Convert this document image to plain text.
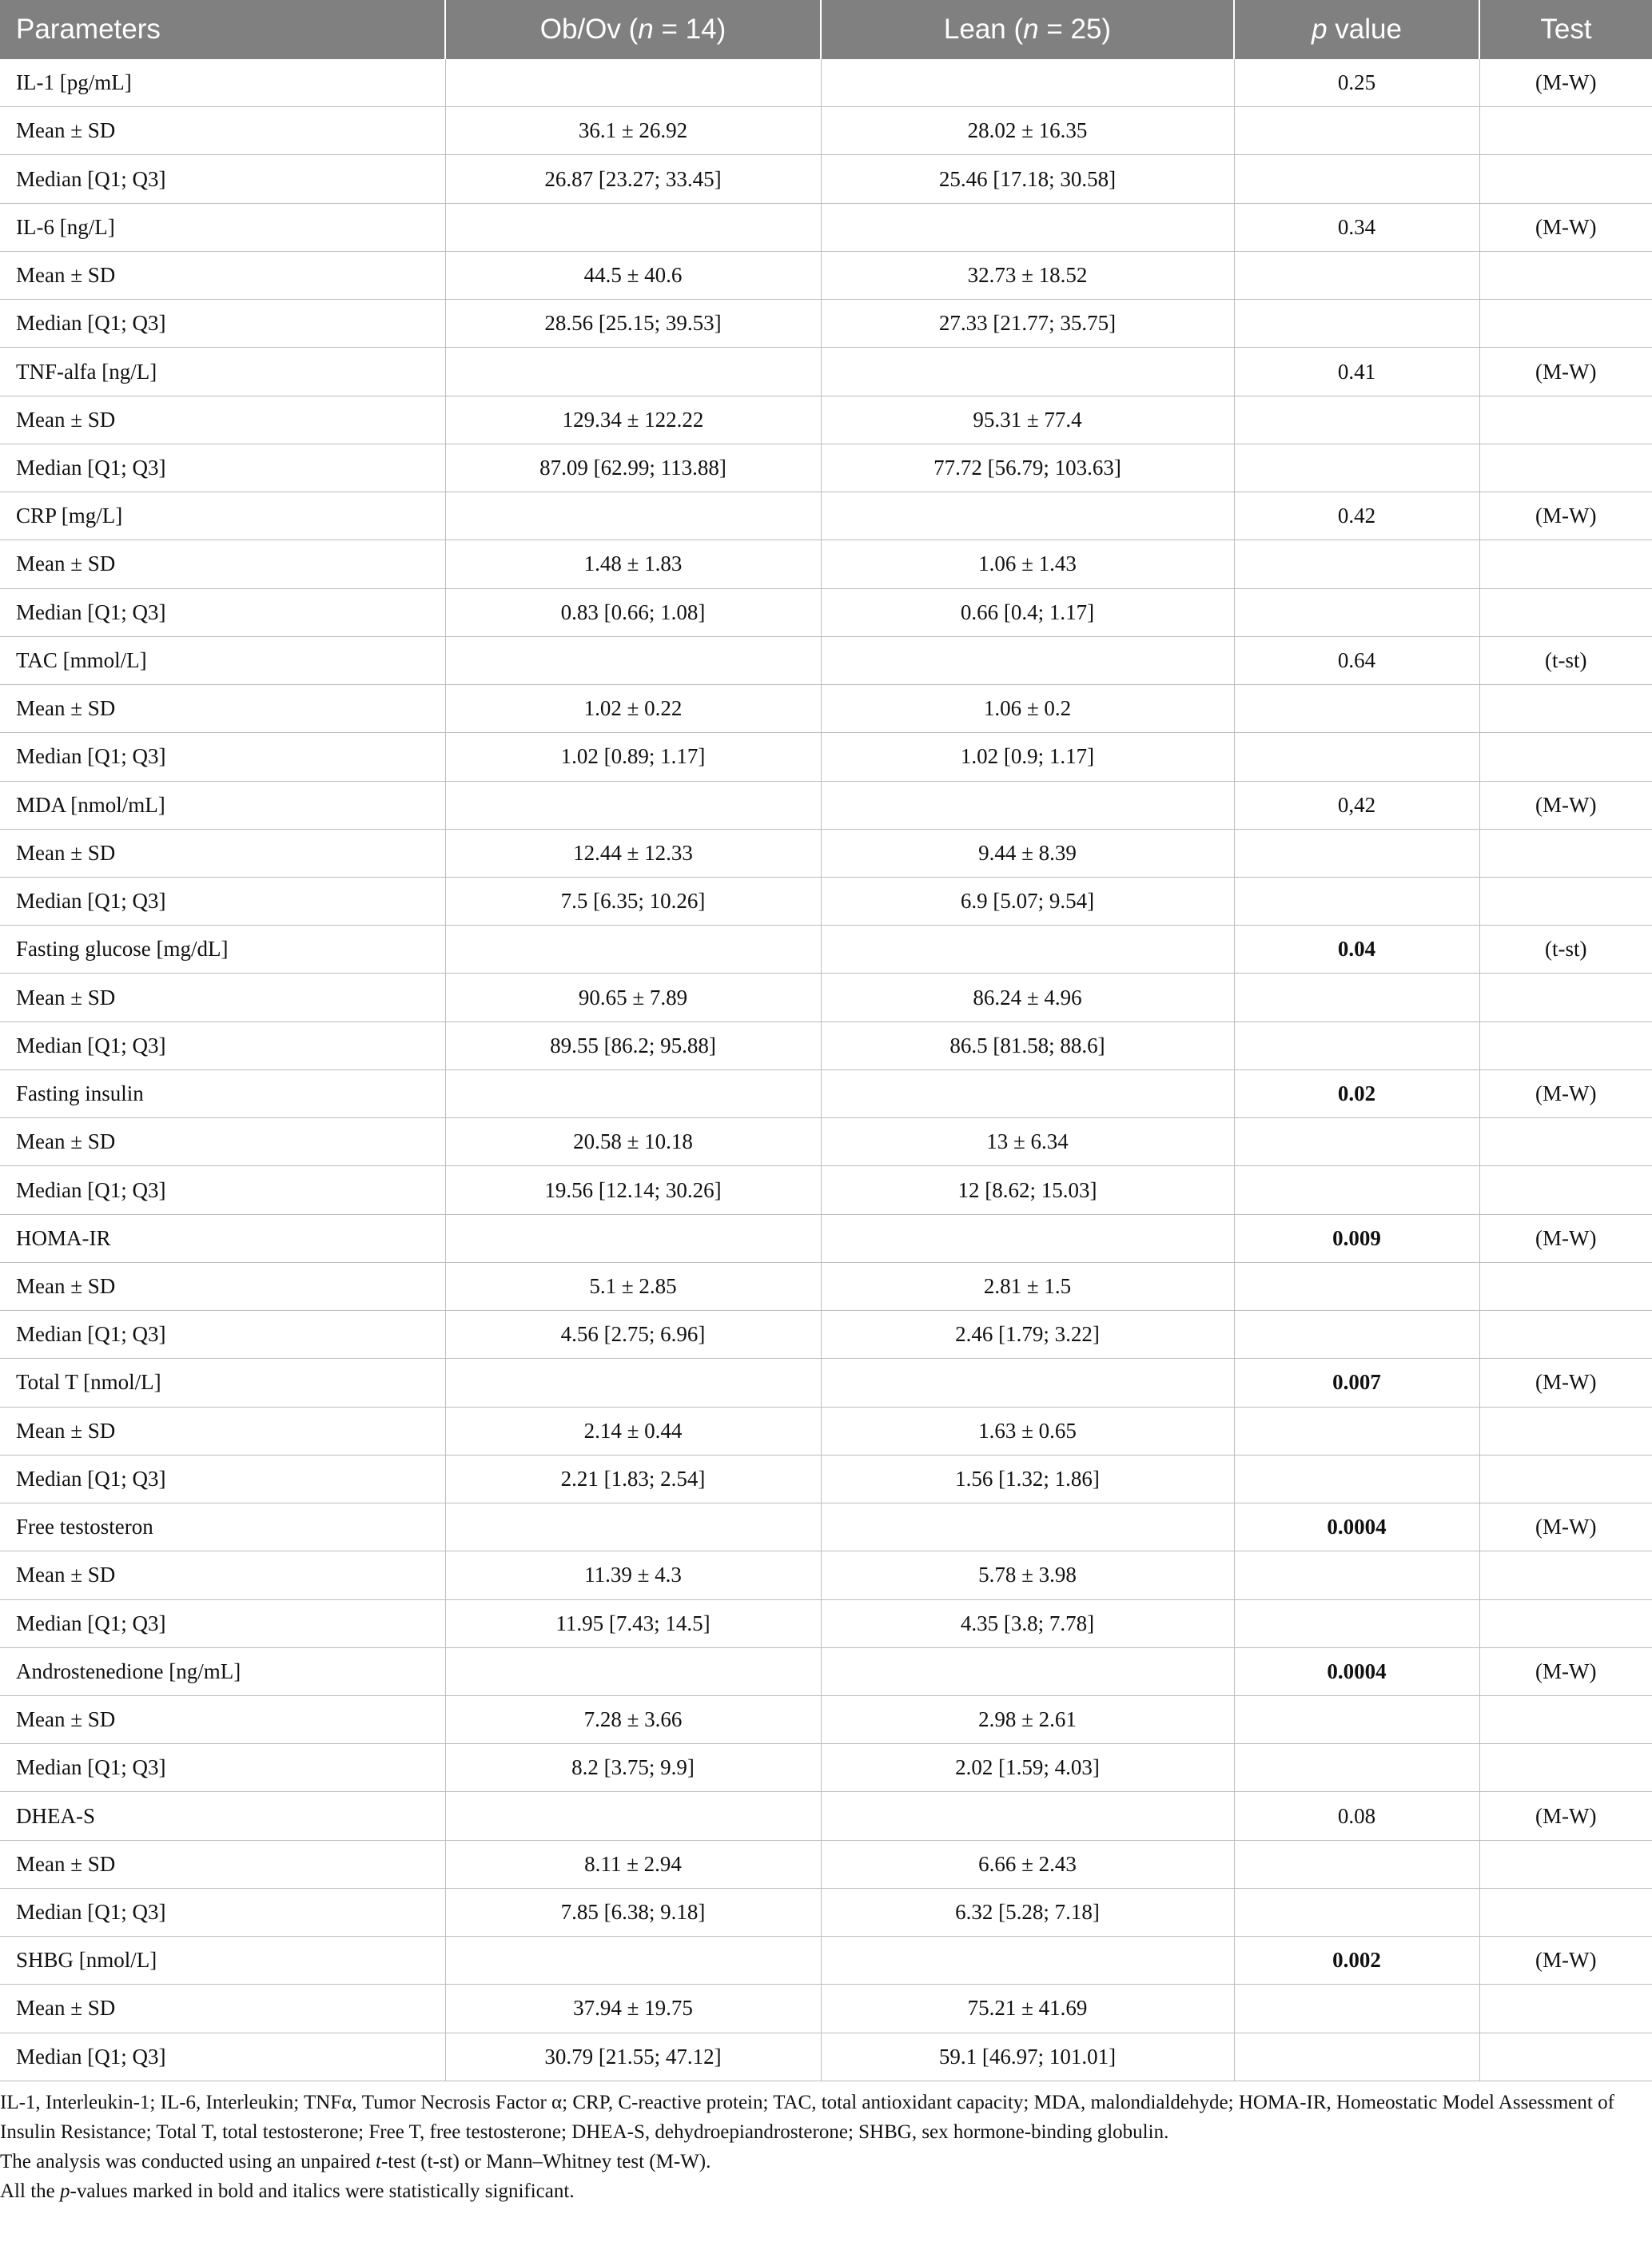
Parameters	Ob/Ov (n = 14)	Lean (n = 25)	p value	Test
IL-1 [pg/mL]			0.25	(M-W)
Mean ± SD	36.1 ± 26.92	28.02 ± 16.35		
Median [Q1; Q3]	26.87 [23.27; 33.45]	25.46 [17.18; 30.58]		
IL-6 [ng/L]			0.34	(M-W)
Mean ± SD	44.5 ± 40.6	32.73 ± 18.52		
Median [Q1; Q3]	28.56 [25.15; 39.53]	27.33 [21.77; 35.75]		
TNF-alfa [ng/L]			0.41	(M-W)
Mean ± SD	129.34 ± 122.22	95.31 ± 77.4		
Median [Q1; Q3]	87.09 [62.99; 113.88]	77.72 [56.79; 103.63]		
CRP [mg/L]			0.42	(M-W)
Mean ± SD	1.48 ± 1.83	1.06 ± 1.43		
Median [Q1; Q3]	0.83 [0.66; 1.08]	0.66 [0.4; 1.17]		
TAC [mmol/L]			0.64	(t-st)
Mean ± SD	1.02 ± 0.22	1.06 ± 0.2		
Median [Q1; Q3]	1.02 [0.89; 1.17]	1.02 [0.9; 1.17]		
MDA [nmol/mL]			0,42	(M-W)
Mean ± SD	12.44 ± 12.33	9.44 ± 8.39		
Median [Q1; Q3]	7.5 [6.35; 10.26]	6.9 [5.07; 9.54]		
Fasting glucose [mg/dL]			0.04	(t-st)
Mean ± SD	90.65 ± 7.89	86.24 ± 4.96		
Median [Q1; Q3]	89.55 [86.2; 95.88]	86.5 [81.58; 88.6]		
Fasting insulin			0.02	(M-W)
Mean ± SD	20.58 ± 10.18	13 ± 6.34		
Median [Q1; Q3]	19.56 [12.14; 30.26]	12 [8.62; 15.03]		
HOMA-IR			0.009	(M-W)
Mean ± SD	5.1 ± 2.85	2.81 ± 1.5		
Median [Q1; Q3]	4.56 [2.75; 6.96]	2.46 [1.79; 3.22]		
Total T [nmol/L]			0.007	(M-W)
Mean ± SD	2.14 ± 0.44	1.63 ± 0.65		
Median [Q1; Q3]	2.21 [1.83; 2.54]	1.56 [1.32; 1.86]		
Free testosteron			0.0004	(M-W)
Mean ± SD	11.39 ± 4.3	5.78 ± 3.98		
Median [Q1; Q3]	11.95 [7.43; 14.5]	4.35 [3.8; 7.78]		
Androstenedione [ng/mL]			0.0004	(M-W)
Mean ± SD	7.28 ± 3.66	2.98 ± 2.61		
Median [Q1; Q3]	8.2 [3.75; 9.9]	2.02 [1.59; 4.03]		
DHEA-S			0.08	(M-W)
Mean ± SD	8.11 ± 2.94	6.66 ± 2.43		
Median [Q1; Q3]	7.85 [6.38; 9.18]	6.32 [5.28; 7.18]		
SHBG [nmol/L]			0.002	(M-W)
Mean ± SD	37.94 ± 19.75	75.21 ± 41.69		
Median [Q1; Q3]	30.79 [21.55; 47.12]	59.1 [46.97; 101.01]		

IL-1, Interleukin-1; IL-6, Interleukin; TNFα, Tumor Necrosis Factor α; CRP, C-reactive protein; TAC, total antioxidant capacity; MDA, malondialdehyde; HOMA-IR, Homeostatic Model Assessment of Insulin Resistance; Total T, total testosterone; Free T, free testosterone; DHEA-S, dehydroepiandrosterone; SHBG, sex hormone-binding globulin.

The analysis was conducted using an unpaired t-test (t-st) or Mann–Whitney test (M-W).

All the p-values marked in bold and italics were statistically significant.
